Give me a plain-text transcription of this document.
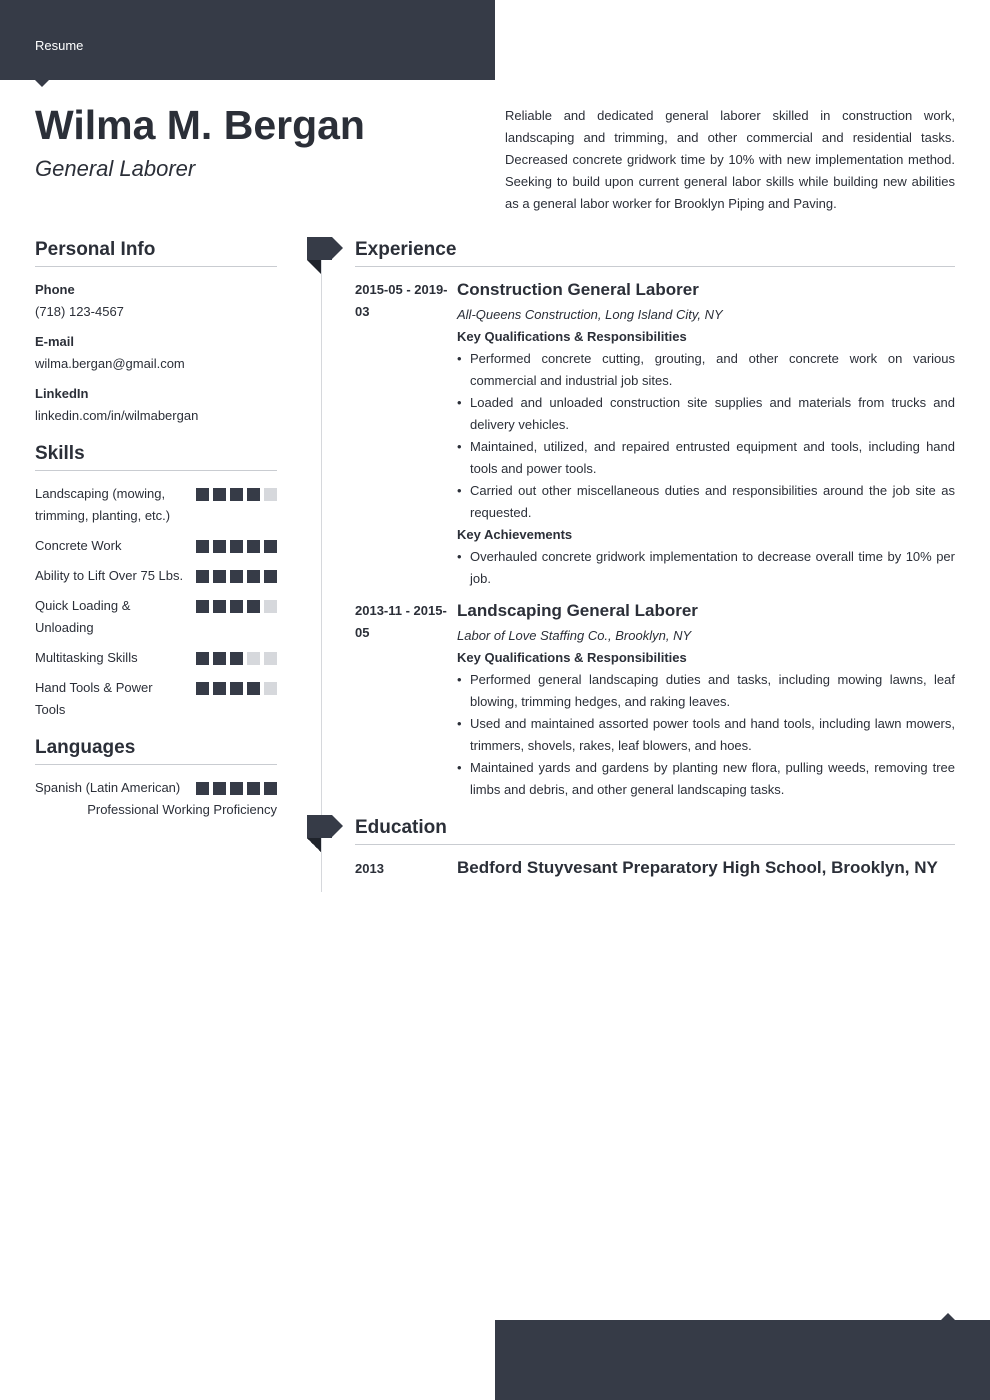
Resume
Wilma M. Bergan
General Laborer

Reliable and dedicated general laborer skilled in construction work, landscaping and trimming, and other commercial and residential tasks. Decreased concrete gridwork time by 10% with new implementation method. Seeking to build upon current general labor skills while building new abilities as a general labor worker for Brooklyn Piping and Paving.

Personal Info
Phone
(718) 123-4567
E-mail
wilma.bergan@gmail.com
LinkedIn
linkedin.com/in/wilmabergan
Skills
Landscaping (mowing, trimming, planting, etc.)
Concrete Work
Ability to Lift Over 75 Lbs.
Quick Loading & Unloading
Multitasking Skills
Hand Tools & Power Tools
Languages
Spanish (Latin American)
Professional Working Proficiency
Experience
2015-05 - 2019-03
Construction General Laborer
All-Queens Construction, Long Island City, NY
Key Qualifications & Responsibilities
• Performed concrete cutting, grouting, and other concrete work on various commercial and industrial job sites.
• Loaded and unloaded construction site supplies and materials from trucks and delivery vehicles.
• Maintained, utilized, and repaired entrusted equipment and tools, including hand tools and power tools.
• Carried out other miscellaneous duties and responsibilities around the job site as requested.
Key Achievements
• Overhauled concrete gridwork implementation to decrease overall time by 10% per job.
2013-11 - 2015-05
Landscaping General Laborer
Labor of Love Staffing Co., Brooklyn, NY
Key Qualifications & Responsibilities
• Performed general landscaping duties and tasks, including mowing lawns, leaf blowing, trimming hedges, and raking leaves.
• Used and maintained assorted power tools and hand tools, including lawn mowers, trimmers, shovels, rakes, leaf blowers, and hoes.
• Maintained yards and gardens by planting new flora, pulling weeds, removing tree limbs and debris, and other general landscaping tasks.
Education
2013	Bedford Stuyvesant Preparatory High School, Brooklyn, NY
